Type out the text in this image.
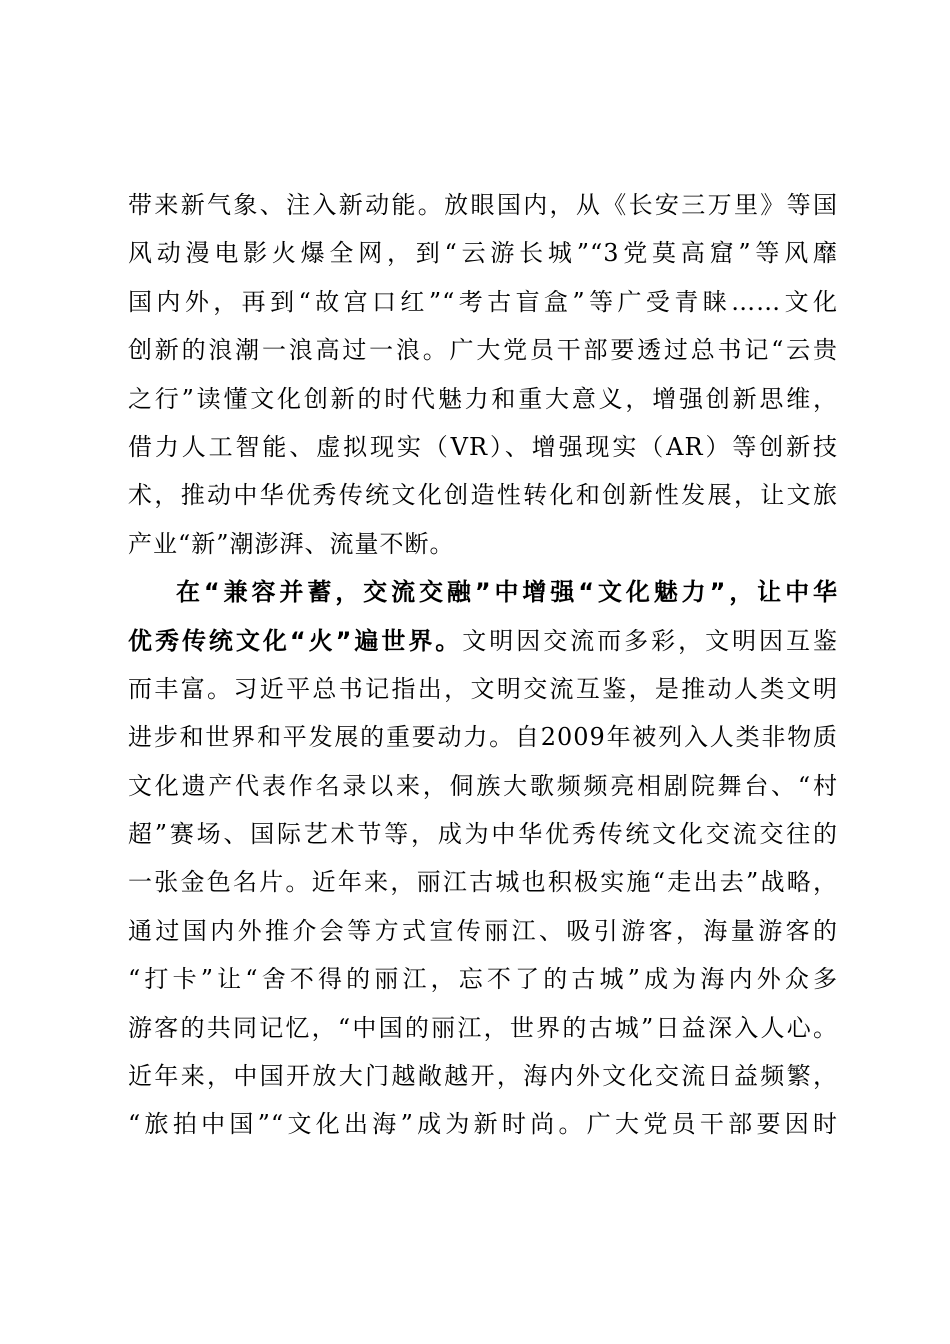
带来新气象、注入新动能。放眼国内，从《长安三万里》等国
风动漫电影火爆全网，到“云游长城”“3党莫高窟”等风靡
国内外，再到“故宫口红”“考古盲盒”等广受青睐……文化
创新的浪潮一浪高过一浪。广大党员干部要透过总书记“云贵
之行”读懂文化创新的时代魅力和重大意义，增强创新思维，
借力人工智能、虚拟现实（VR）、增强现实（AR）等创新技
术，推动中华优秀传统文化创造性转化和创新性发展，让文旅
产业“新”潮澎湃、流量不断。
在“兼容并蓄，交流交融”中增强“文化魅力”，让中华
优秀传统文化“火”遍世界。文明因交流而多彩，文明因互鉴
而丰富。习近平总书记指出，文明交流互鉴，是推动人类文明
进步和世界和平发展的重要动力。自2009年被列入人类非物质
文化遗产代表作名录以来，侗族大歌频频亮相剧院舞台、“村
超”赛场、国际艺术节等，成为中华优秀传统文化交流交往的
一张金色名片。近年来，丽江古城也积极实施“走出去”战略，
通过国内外推介会等方式宣传丽江、吸引游客，海量游客的
“打卡”让“舍不得的丽江，忘不了的古城”成为海内外众多
游客的共同记忆，“中国的丽江，世界的古城”日益深入人心。
近年来，中国开放大门越敞越开，海内外文化交流日益频繁，
“旅拍中国”“文化出海”成为新时尚。广大党员干部要因时
